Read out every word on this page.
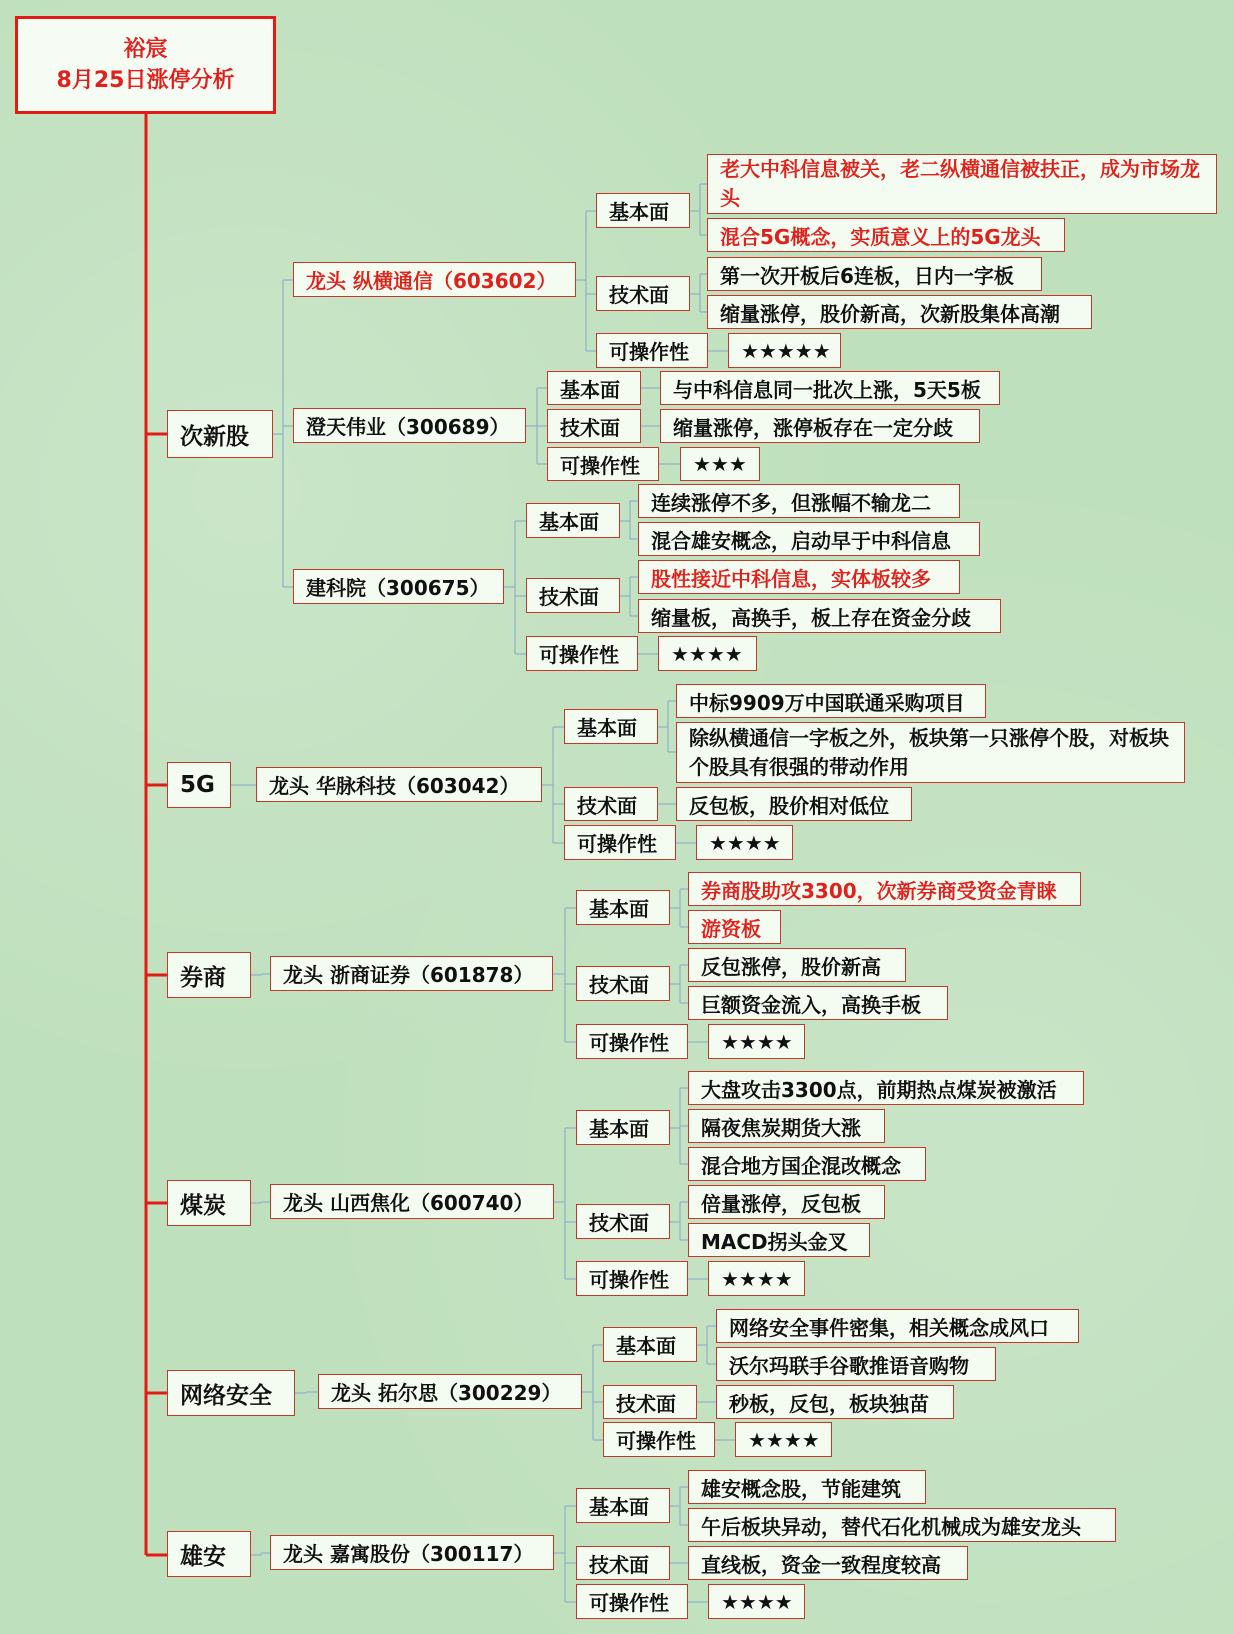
裕宸
8月25日涨停分析
次新股
龙头 纵横通信（603602）
基本面
老大中科信息被关，老二纵横通信被扶正，成为市场龙头
混合5G概念，实质意义上的5G龙头
技术面
第一次开板后6连板，日内一字板
缩量涨停，股价新高，次新股集体高潮
可操作性	★★★★★
澄天伟业（300689）
基本面	与中科信息同一批次上涨，5天5板
技术面	缩量涨停，涨停板存在一定分歧
可操作性	★★★
建科院（300675）
基本面
连续涨停不多，但涨幅不输龙二
混合雄安概念，启动早于中科信息
技术面
股性接近中科信息，实体板较多
缩量板，高换手，板上存在资金分歧
可操作性	★★★★
5G	龙头 华脉科技（603042）
基本面
中标9909万中国联通采购项目
除纵横通信一字板之外，板块第一只涨停个股，对板块个股具有很强的带动作用
技术面	反包板，股价相对低位
可操作性	★★★★
券商	龙头 浙商证券（601878）
基本面
券商股助攻3300，次新券商受资金青睐
游资板
技术面
反包涨停，股价新高
巨额资金流入，高换手板
可操作性	★★★★
煤炭	龙头 山西焦化（600740）
基本面
大盘攻击3300点，前期热点煤炭被激活
隔夜焦炭期货大涨
混合地方国企混改概念
技术面
倍量涨停，反包板
MACD拐头金叉
可操作性	★★★★
网络安全	龙头 拓尔思（300229）
基本面
网络安全事件密集，相关概念成风口
沃尔玛联手谷歌推语音购物
技术面	秒板，反包，板块独苗
可操作性	★★★★
雄安	龙头 嘉寓股份（300117）
基本面
雄安概念股，节能建筑
午后板块异动，替代石化机械成为雄安龙头
技术面	直线板，资金一致程度较高
可操作性	★★★★
